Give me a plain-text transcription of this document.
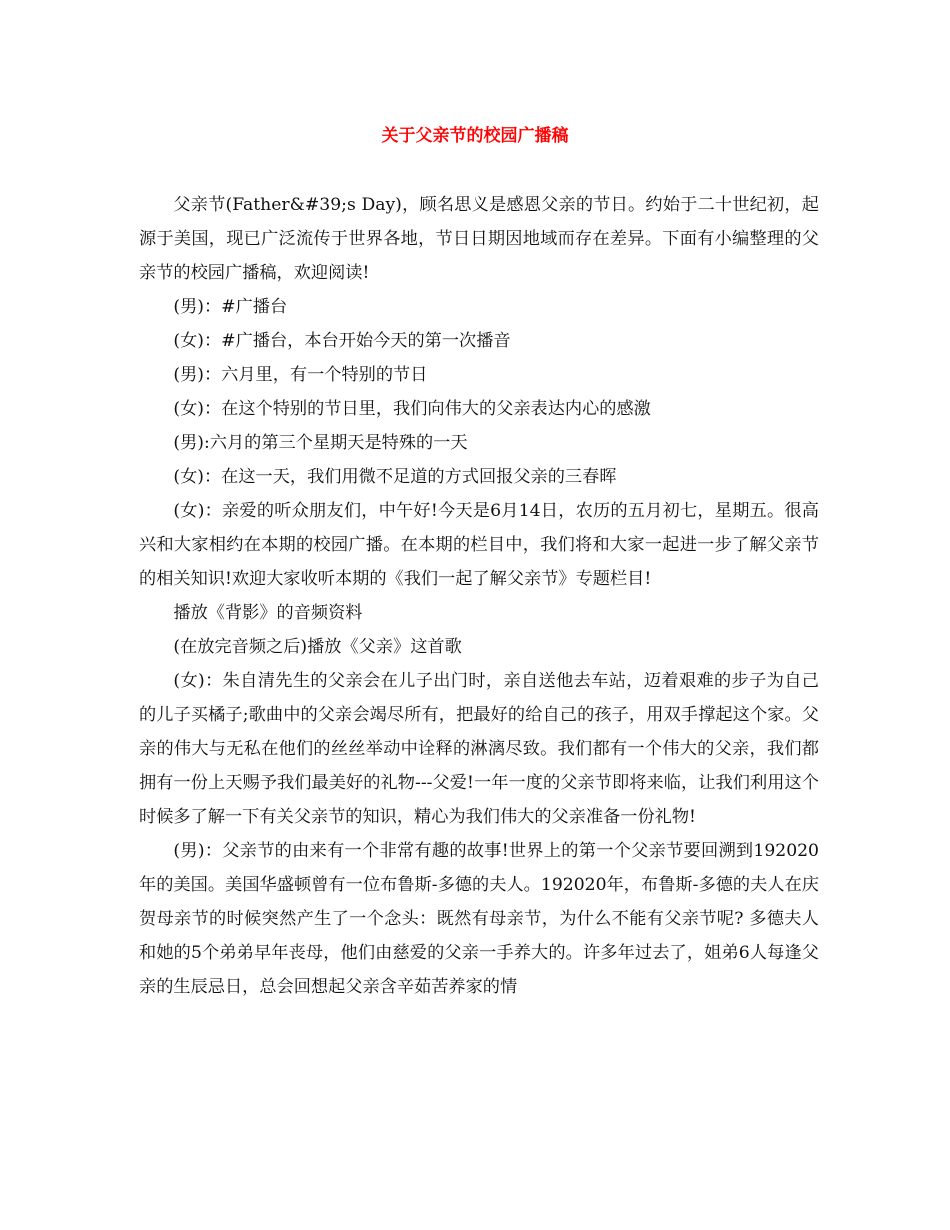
关于父亲节的校园广播稿

父亲节(Father&#39;s Day)，顾名思义是感恩父亲的节日。约始于二十世纪初，起源于美国，现已广泛流传于世界各地，节日日期因地域而存在差异。下面有小编整理的父亲节的校园广播稿，欢迎阅读!

(男)：#广播台

(女)：#广播台，本台开始今天的第一次播音

(男)：六月里，有一个特别的节日

(女)：在这个特别的节日里，我们向伟大的父亲表达内心的感激

(男):六月的第三个星期天是特殊的一天

(女)：在这一天，我们用微不足道的方式回报父亲的三春晖

(女)：亲爱的听众朋友们，中午好!今天是6月14日，农历的五月初七，星期五。很高兴和大家相约在本期的校园广播。在本期的栏目中，我们将和大家一起进一步了解父亲节的相关知识!欢迎大家收听本期的《我们一起了解父亲节》专题栏目!

播放《背影》的音频资料

(在放完音频之后)播放《父亲》这首歌

(女)：朱自清先生的父亲会在儿子出门时，亲自送他去车站，迈着艰难的步子为自己的儿子买橘子;歌曲中的父亲会竭尽所有，把最好的给自己的孩子，用双手撑起这个家。父亲的伟大与无私在他们的丝丝举动中诠释的淋漓尽致。我们都有一个伟大的父亲，我们都拥有一份上天赐予我们最美好的礼物---父爱!一年一度的父亲节即将来临，让我们利用这个时候多了解一下有关父亲节的知识，精心为我们伟大的父亲准备一份礼物!

(男)：父亲节的由来有一个非常有趣的故事!世界上的第一个父亲节要回溯到192020年的美国。美国华盛顿曾有一位布鲁斯-多德的夫人。192020年，布鲁斯-多德的夫人在庆贺母亲节的时候突然产生了一个念头：既然有母亲节，为什么不能有父亲节呢? 多德夫人和她的5个弟弟早年丧母，他们由慈爱的父亲一手养大的。许多年过去了，姐弟6人每逢父亲的生辰忌日，总会回想起父亲含辛茹苦养家的情
